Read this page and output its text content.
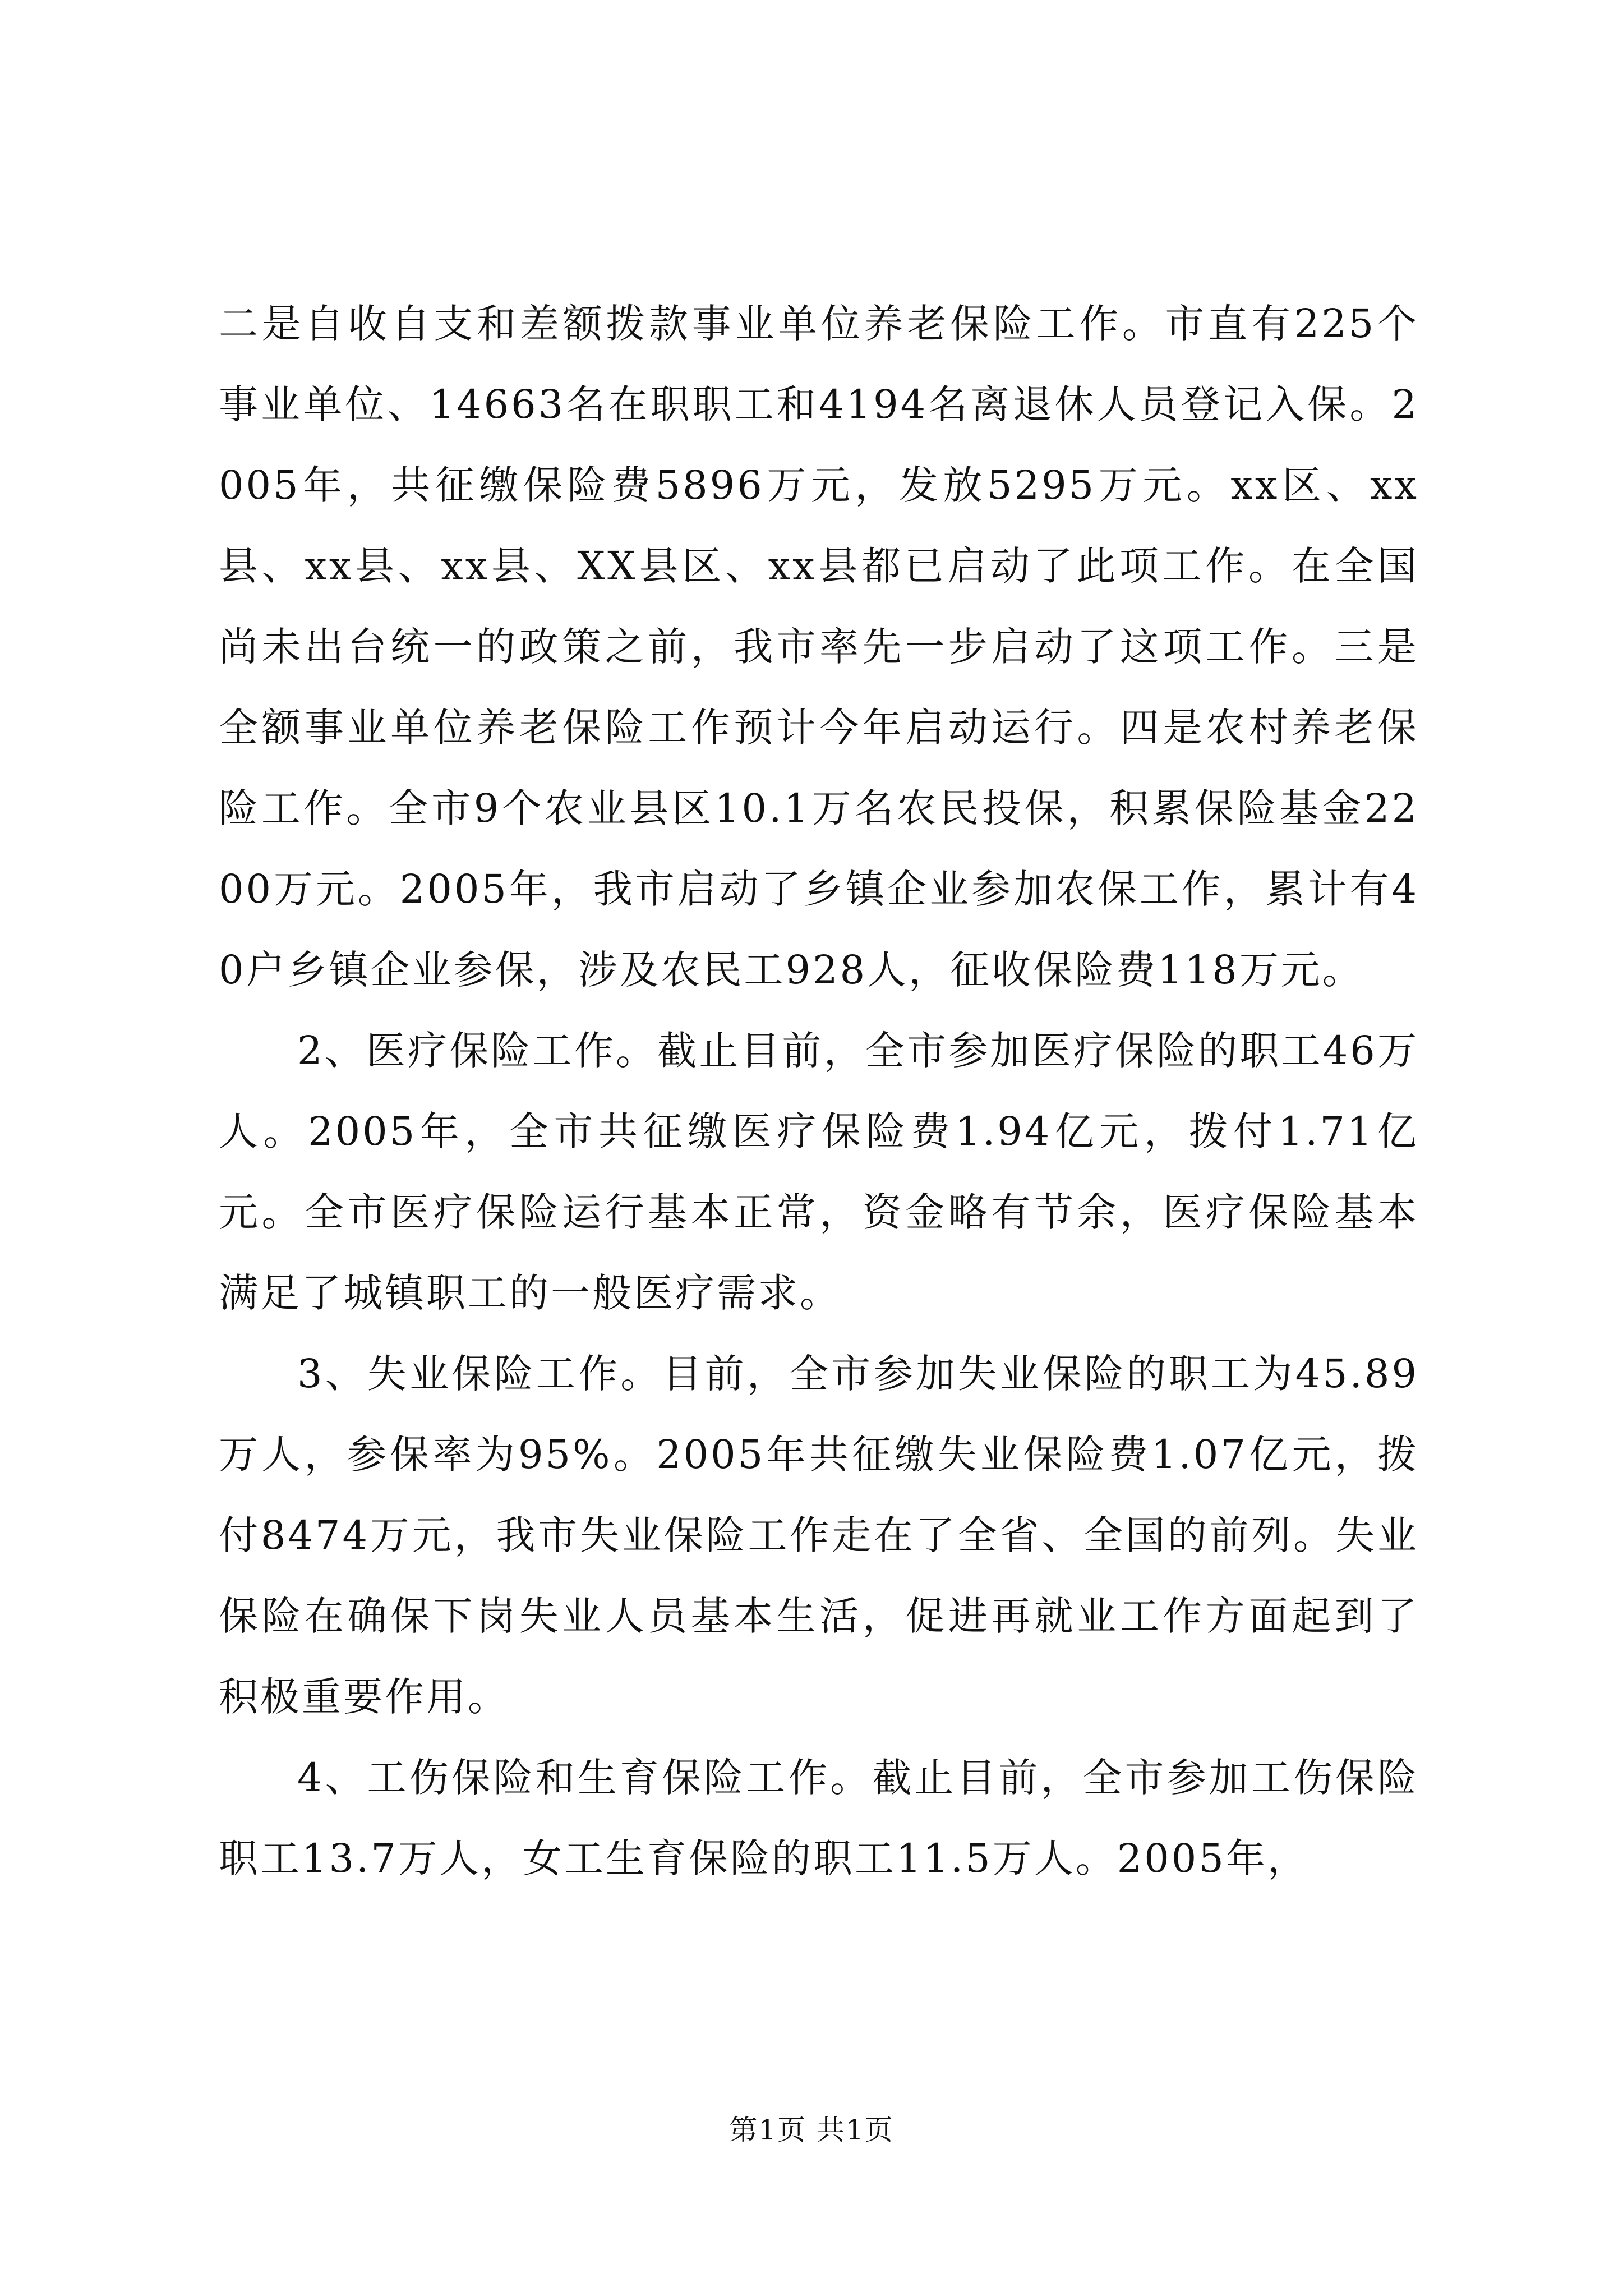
二是自收自支和差额拨款事业单位养老保险工作。市直有225个事业单位、14663名在职职工和4194名离退休人员登记入保。2005年，共征缴保险费5896万元，发放5295万元。xx区、xx县、xx县、xx县、XX县区、xx县都已启动了此项工作。在全国尚未出台统一的政策之前，我市率先一步启动了这项工作。三是全额事业单位养老保险工作预计今年启动运行。四是农村养老保险工作。全市9个农业县区10.1万名农民投保，积累保险基金2200万元。2005年，我市启动了乡镇企业参加农保工作，累计有40户乡镇企业参保，涉及农民工928人，征收保险费118万元。

2、医疗保险工作。截止目前，全市参加医疗保险的职工46万人。2005年，全市共征缴医疗保险费1.94亿元，拨付1.71亿元。全市医疗保险运行基本正常，资金略有节余，医疗保险基本满足了城镇职工的一般医疗需求。

3、失业保险工作。目前，全市参加失业保险的职工为45.89万人，参保率为95%。2005年共征缴失业保险费1.07亿元，拨付8474万元，我市失业保险工作走在了全省、全国的前列。失业保险在确保下岗失业人员基本生活，促进再就业工作方面起到了积极重要作用。

4、工伤保险和生育保险工作。截止目前，全市参加工伤保险职工13.7万人，女工生育保险的职工11.5万人。2005年，

第1页 共1页
